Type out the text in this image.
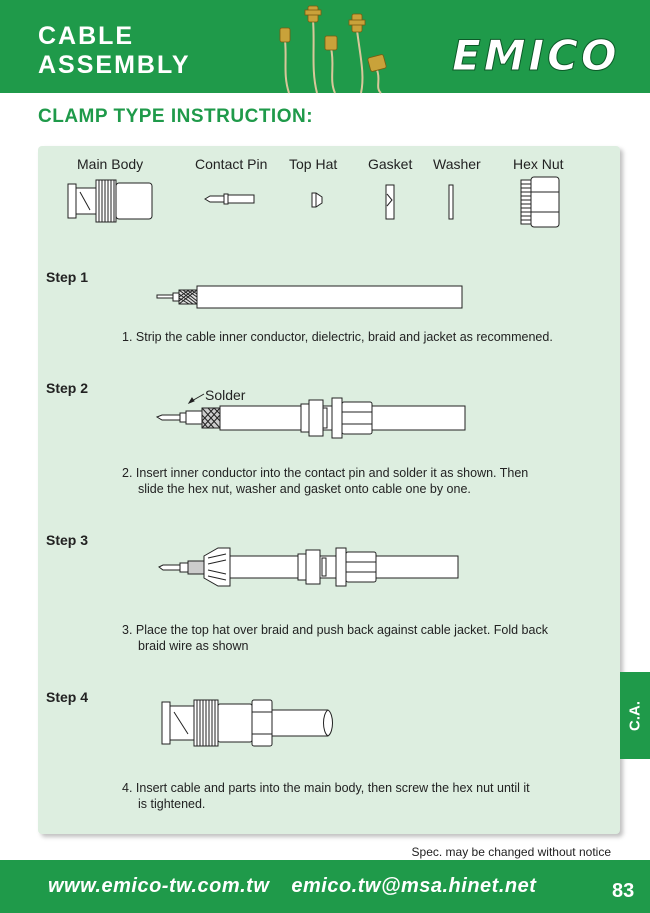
CABLE
ASSEMBLY	EMICO
CLAMP TYPE INSTRUCTION:
Main Body	Contact Pin Top Hat Gasket Washer Hex Nut
Step 1
1. Strip the cable inner conductor, dielectric, braid and jacket as recommened.
Step 2	Solder
2. Insert inner conductor into the contact pin and solder it as shown. Then
slide the hex nut, washer and gasket onto cable one by one.
Step 3
3. Place the top hat over braid and push back against cable jacket. Fold back
braid wire as shown
Step 4
4. Insert cable and parts into the main body, then screw the hex nut until it
is tightened.
C.A.
Spec. may be changed without notice
www.emico-tw.com.tw emico.tw@msa.hinet.net	83
